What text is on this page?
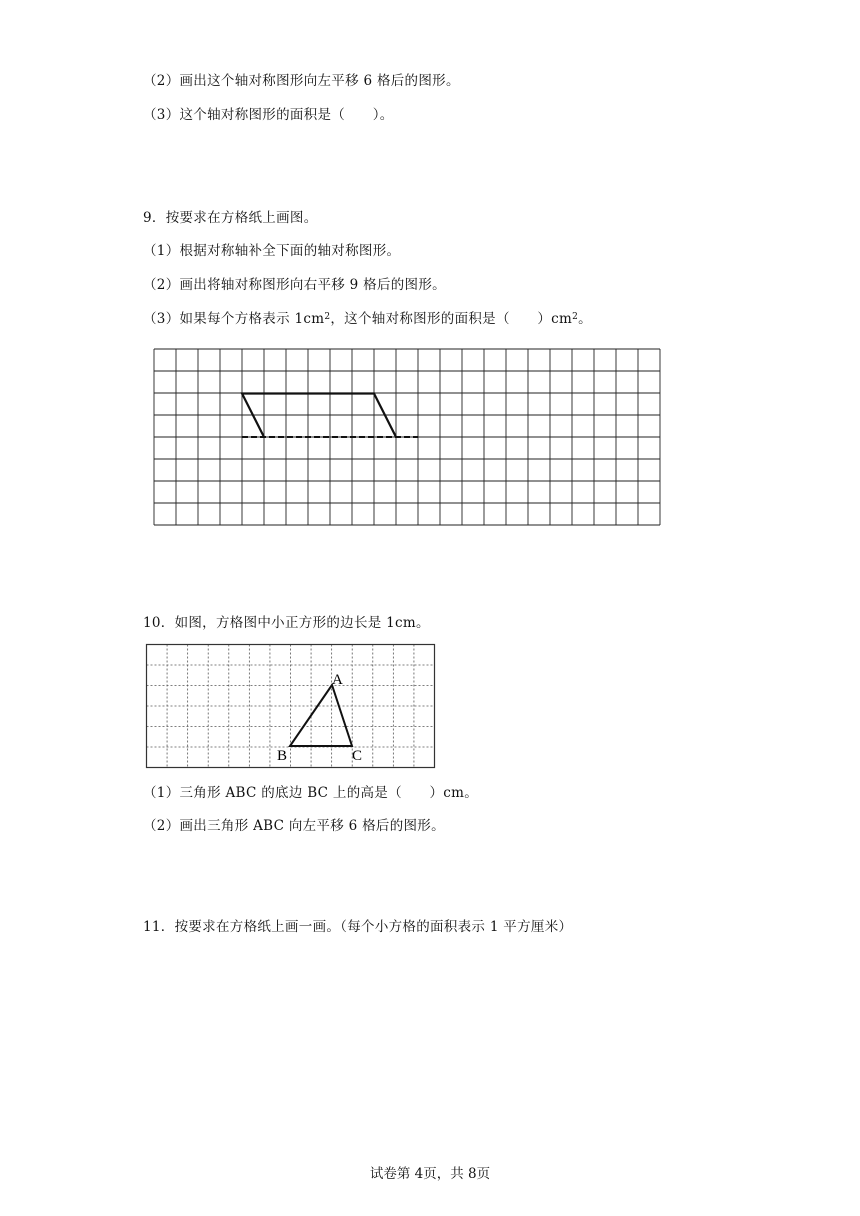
（2）画出这个轴对称图形向左平移 6 格后的图形。
（3）这个轴对称图形的面积是（　　）。
9．按要求在方格纸上画图。
（1）根据对称轴补全下面的轴对称图形。
（2）画出将轴对称图形向右平移 9 格后的图形。
（3）如果每个方格表示 $1cm^2$，这个轴对称图形的面积是（　　）$cm^2$。
10．如图，方格图中小正方形的边长是 1cm。
A
B	C
（1）三角形 ABC 的底边 BC 上的高是（　　）cm。
（2）画出三角形 ABC 向左平移 6 格后的图形。
11．按要求在方格纸上画一画。（每个小方格的面积表示 1 平方厘米）
试卷第 4页，共 8页
